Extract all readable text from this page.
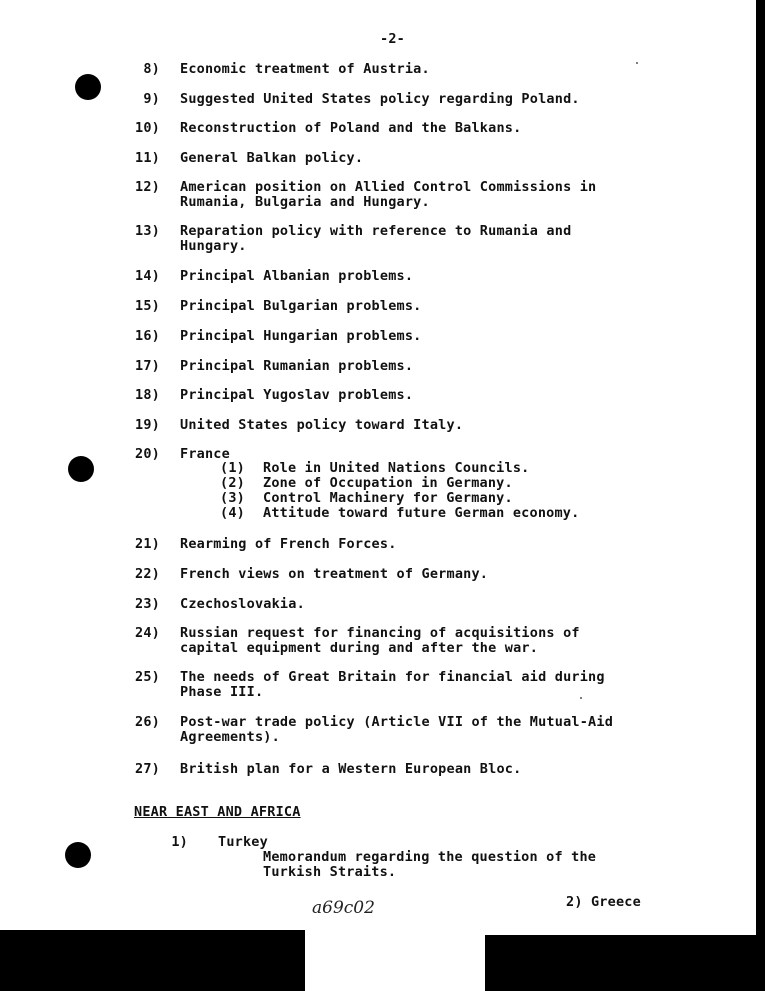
-2-
8) Economic treatment of Austria.
9) Suggested United States policy regarding Poland.
10) Reconstruction of Poland and the Balkans.
11) General Balkan policy.
12) American position on Allied Control Commissions in
Rumania, Bulgaria and Hungary.
13) Reparation policy with reference to Rumania and
Hungary.
14) Principal Albanian problems.
15) Principal Bulgarian problems.
16) Principal Hungarian problems.
17) Principal Rumanian problems.
18) Principal Yugoslav problems.
19) United States policy toward Italy.
20) France
21) Rearming of French Forces.
22) French views on treatment of Germany.
23) Czechoslovakia.
24) Russian request for financing of acquisitions of
capital equipment during and after the war.
25) The needs of Great Britain for financial aid during
Phase III.
26) Post-war trade policy (Article VII of the Mutual-Aid
Agreements).
27) British plan for a Western European Bloc.
(1) Role in United Nations Councils.
(2) Zone of Occupation in Germany.
(3) Control Machinery for Germany.
(4) Attitude toward future German economy.
NEAR EAST AND AFRICA
1) Turkey
Memorandum regarding the question of the
Turkish Straits.
a69c02	2) Greece
